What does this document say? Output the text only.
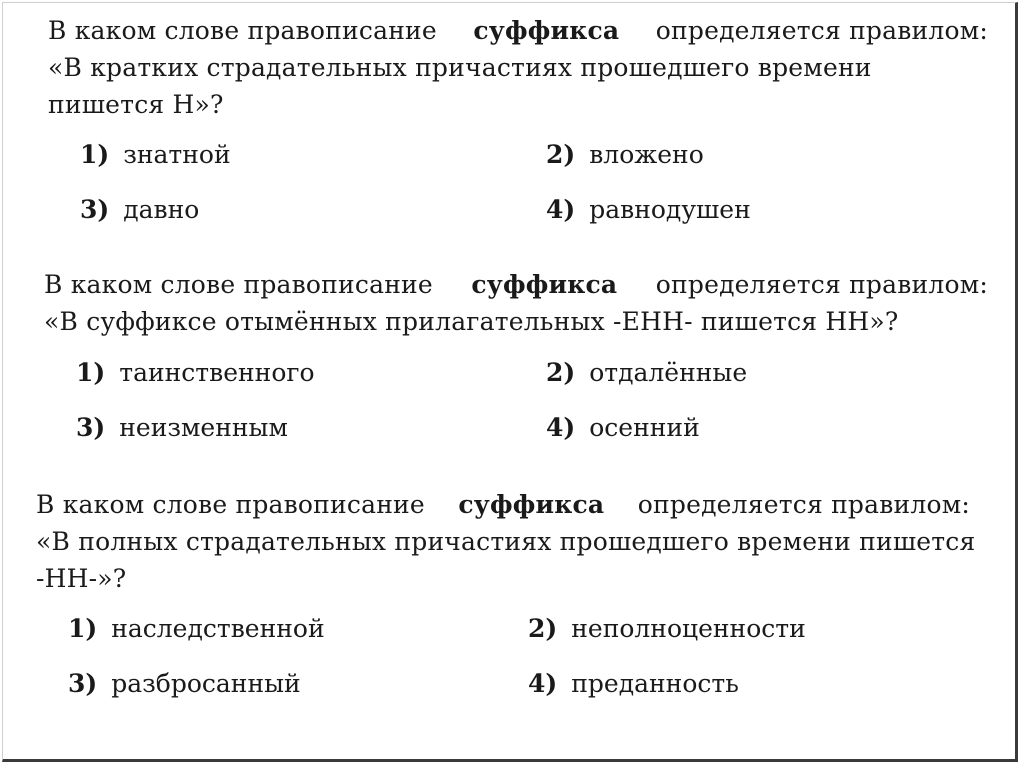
В каком слове правописание суффикса определяется правилом:
«В кратких страдательных причастиях прошедшего времени
пишется Н»?
1) знатной	2) вложено
3) давно	4) равнодушен
В каком слове правописание суффикса определяется правилом:
«В суффиксе отымённых прилагательных -ЕНН- пишется НН»?
1) таинственного	2) отдалённые
3) неизменным	4) осенний
В каком слове правописание суффикса определяется правилом:
«В полных страдательных причастиях прошедшего времени пишется
-НН-»?
1) наследственной	2) неполноценности
3) разбросанный	4) преданность
